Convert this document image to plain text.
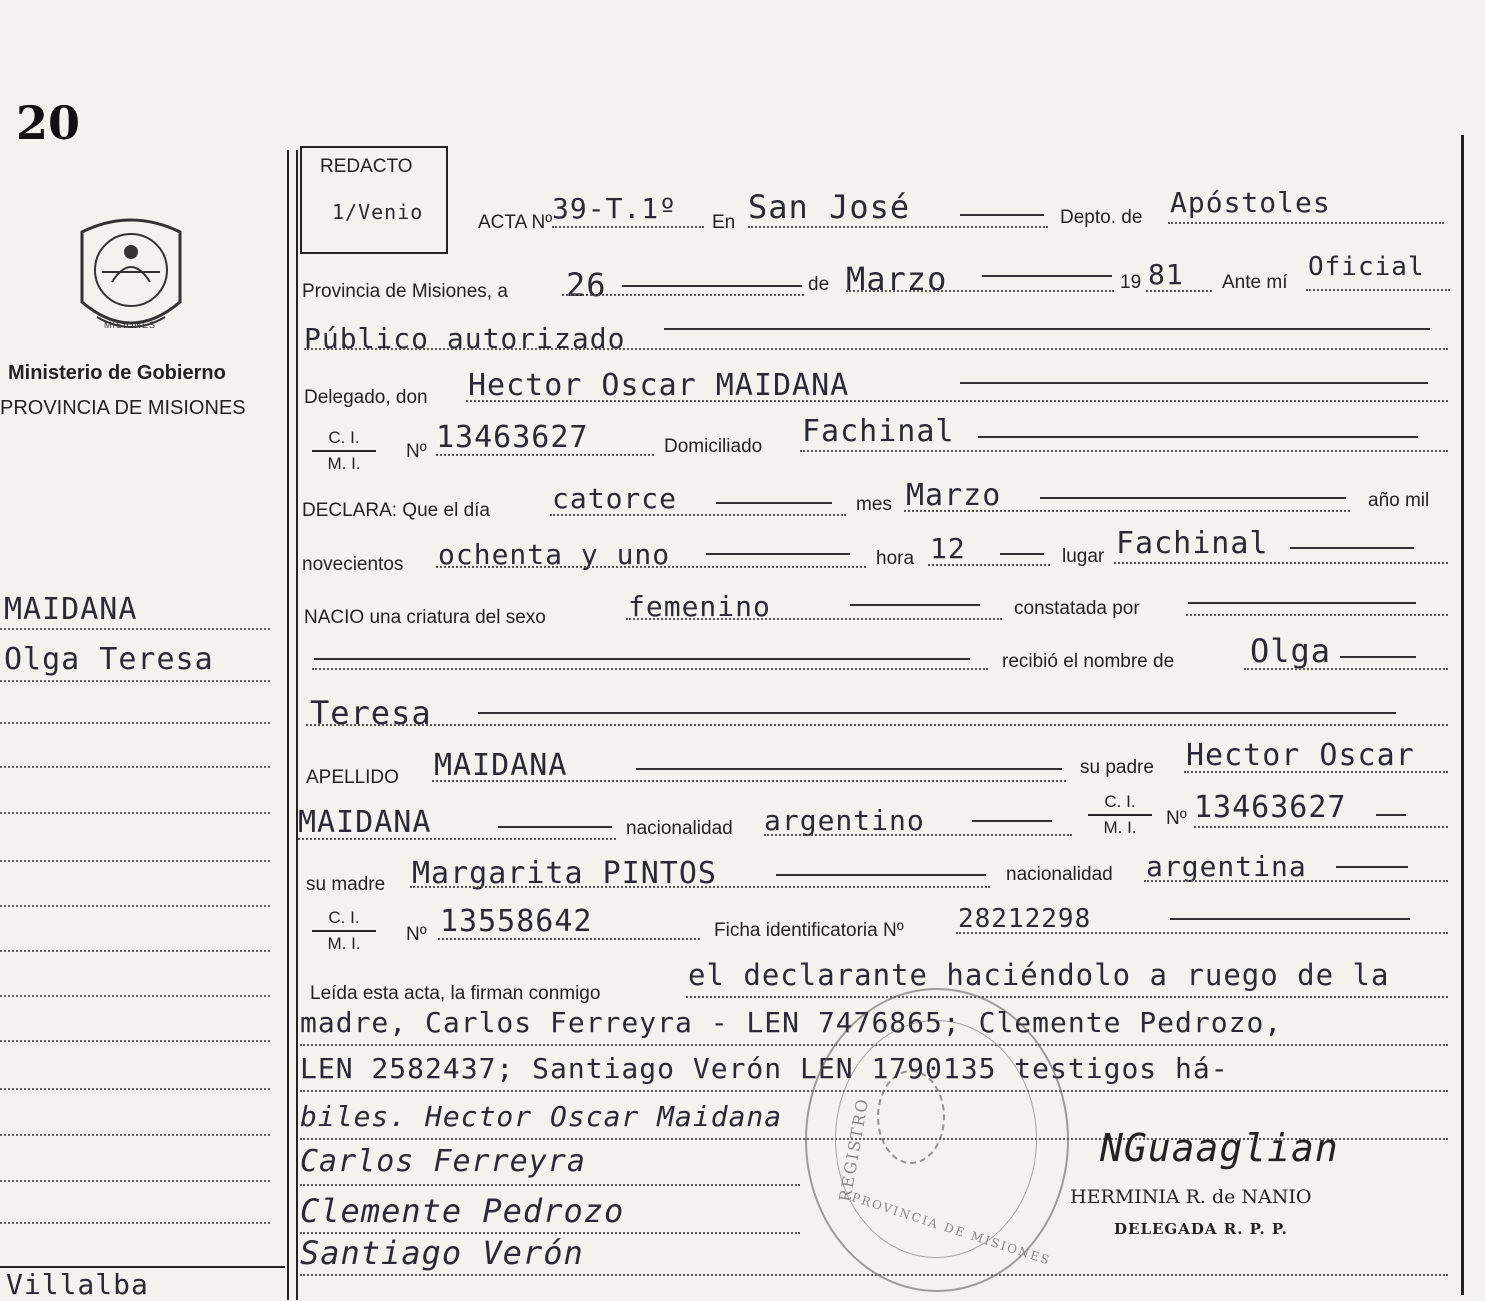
20
MISIONES
Ministerio de Gobierno
PROVINCIA DE MISIONES
MAIDANA
Olga Teresa
Villalba
REDACTO
1/Venio	ACTA Nº 39-T.1º En San José	Depto. de Apóstoles
Provincia de Misiones, a 26	de Marzo	19 81 Ante mí
Oficial
Público autorizado
Delegado, don Hector Oscar MAIDANA
C. I.
M. I.
Nº 13463627	Domiciliado Fachinal
DECLARA: Que el día catorce	mes Marzo	año mil
novecientos ochenta y uno	hora 12	lugar Fachinal
NACIO una criatura del sexo	femenino	constatada por
recibió el nombre de Olga
Teresa
APELLIDO MAIDANA	su padre Hector Oscar
MAIDANA	nacionalidad argentino
C. I.
M. I.	Nº 13463627
su madre Margarita PINTOS	nacionalidad argentina
C. I.
M. I.	Nº 13558642	Ficha identificatoria Nº 28212298
Leída esta acta, la firman conmigo
el declarante haciéndolo a ruego de la
madre, Carlos Ferreyra - LEN 7476865; Clemente Pedrozo,
LEN 2582437; Santiago Verón LEN 1790135 testigos há-
biles. Hector Oscar Maidana
Carlos Ferreyra
Clemente Pedrozo
Santiago Verón
REGISTRO
PROVINCIA DE MISIONES
NGuaaglian
HERMINIA R. de NANIO
DELEGADA R. P. P.
